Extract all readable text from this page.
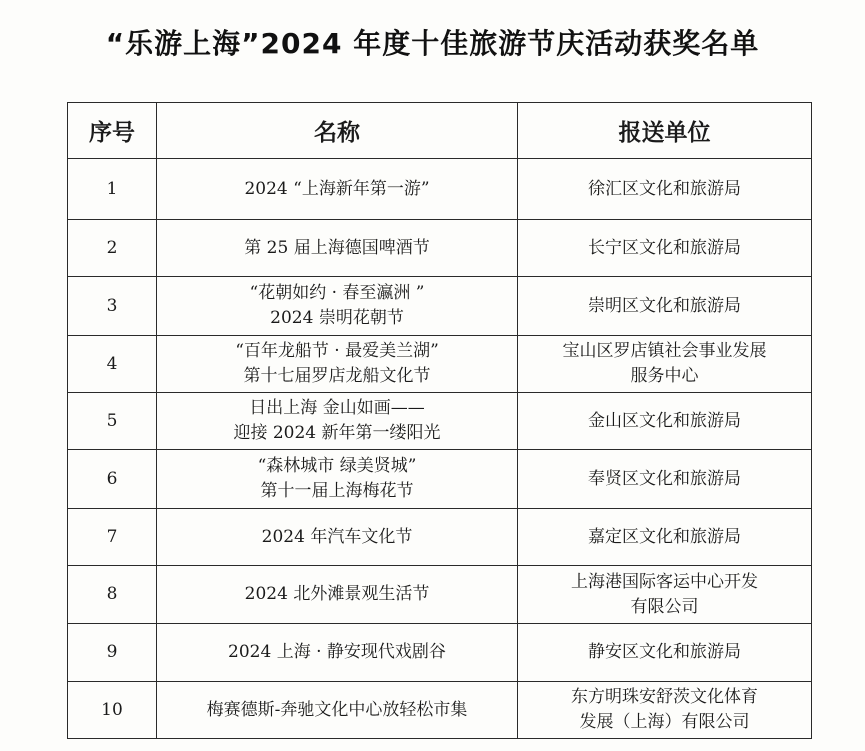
“乐游上海”2024 年度十佳旅游节庆活动获奖名单
序号	名称	报送单位
1	2024 “上海新年第一游”	徐汇区文化和旅游局

2	第 25 届上海德国啤酒节	长宁区文化和旅游局

3	“花朝如约 · 春至瀛洲 ”
2024 崇明花朝节	崇明区文化和旅游局

4	“百年龙船节 · 最爱美兰湖”
第十七届罗店龙船文化节	宝山区罗店镇社会事业发展
服务中心

5	日出上海 金山如画——
迎接 2024 新年第一缕阳光	金山区文化和旅游局

6	“森林城市 绿美贤城”
第十一届上海梅花节	奉贤区文化和旅游局

7	2024 年汽车文化节	嘉定区文化和旅游局

8	2024 北外滩景观生活节	上海港国际客运中心开发
有限公司

9	2024 上海 · 静安现代戏剧谷	静安区文化和旅游局

10	梅赛德斯-奔驰文化中心放轻松市集	东方明珠安舒茨文化体育
发展（上海）有限公司
